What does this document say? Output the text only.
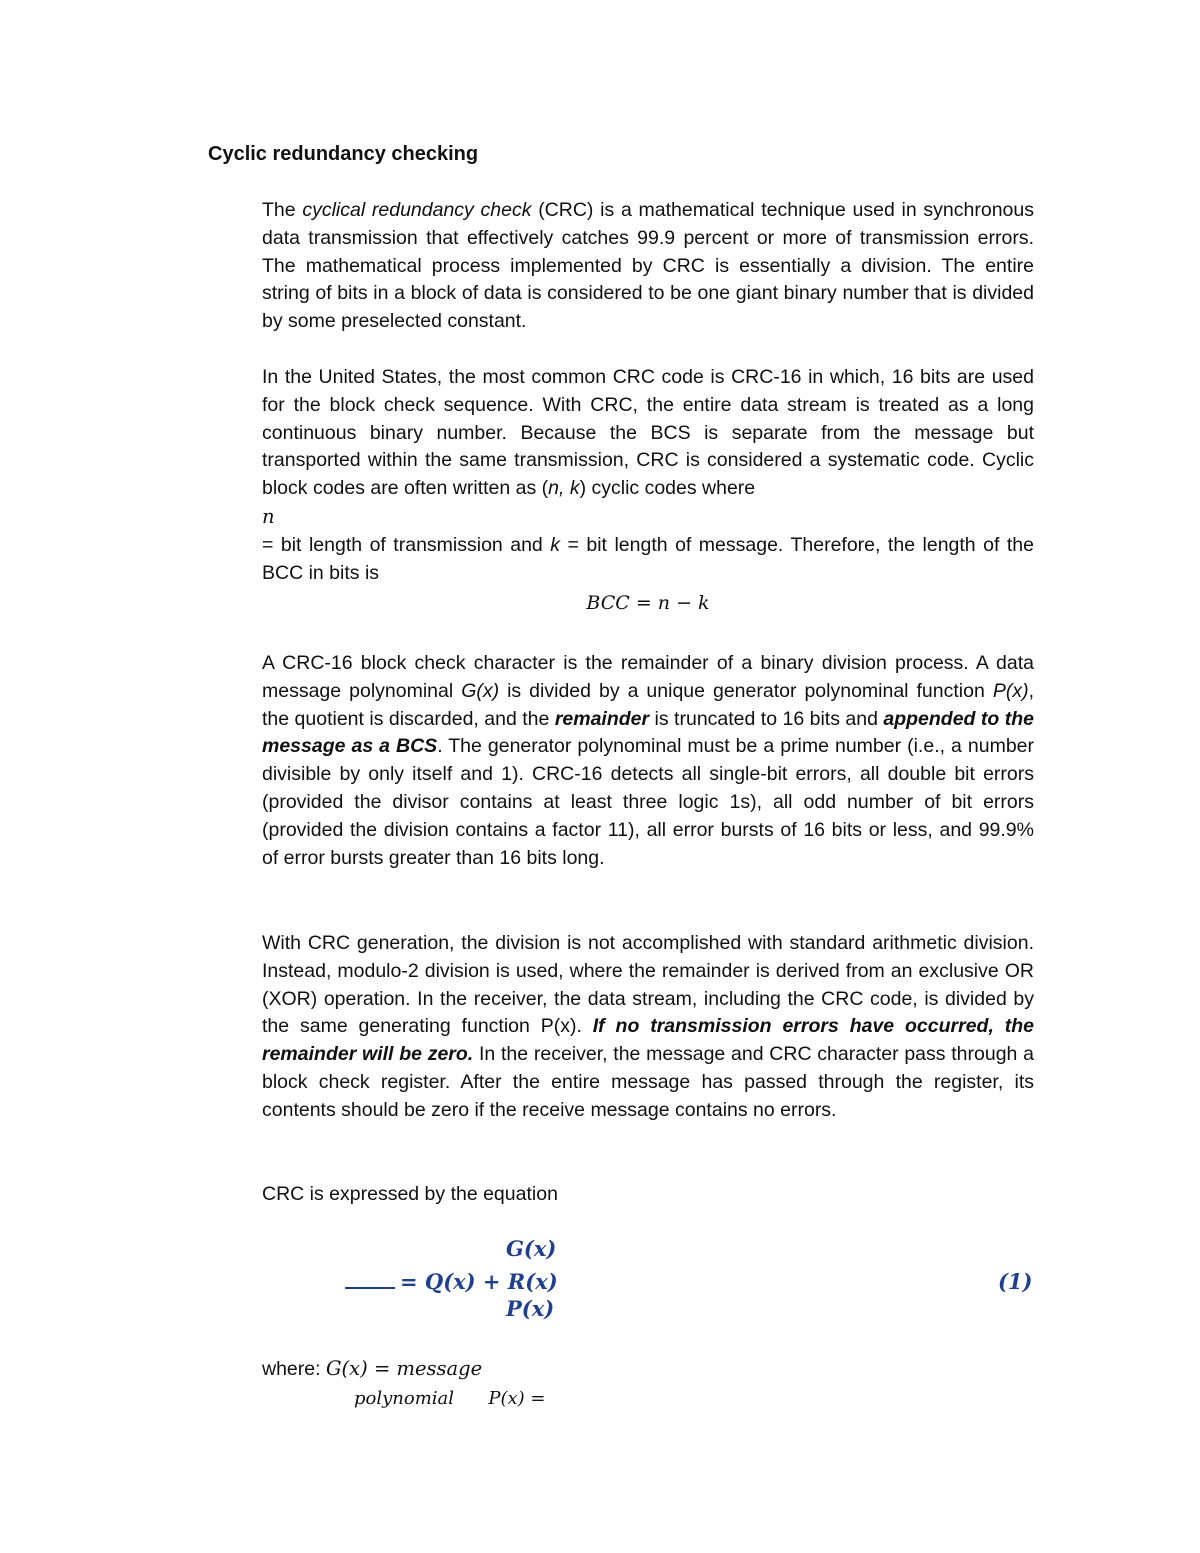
Cyclic redundancy checking

The cyclical redundancy check (CRC) is a mathematical technique used in synchronous data transmission that effectively catches 99.9 percent or more of transmission errors. The mathematical process implemented by CRC is essentially a division. The entire string of bits in a block of data is considered to be one giant binary number that is divided by some preselected constant.

In the United States, the most common CRC code is CRC-16 in which, 16 bits are used for the block check sequence. With CRC, the entire data stream is treated as a long continuous binary number. Because the BCS is separate from the message but transported within the same transmission, CRC is considered a systematic code. Cyclic block codes are often written as (n, k) cyclic codes where
n
= bit length of transmission and k = bit length of message. Therefore, the length of the BCC in bits is

BCC = n − k

A CRC-16 block check character is the remainder of a binary division process. A data message polynominal G(x) is divided by a unique generator polynominal function P(x), the quotient is discarded, and the remainder is truncated to 16 bits and appended to the message as a BCS. The generator polynominal must be a prime number (i.e., a number divisible by only itself and 1). CRC-16 detects all single-bit errors, all double bit errors (provided the divisor contains at least three logic 1s), all odd number of bit errors (provided the division contains a factor 11), all error bursts of 16 bits or less, and 99.9% of error bursts greater than 16 bits long.

With CRC generation, the division is not accomplished with standard arithmetic division. Instead, modulo-2 division is used, where the remainder is derived from an exclusive OR (XOR) operation. In the receiver, the data stream, including the CRC code, is divided by the same generating function P(x). If no transmission errors have occurred, the remainder will be zero. In the receiver, the message and CRC character pass through a block check register. After the entire message has passed through the register, its contents should be zero if the receive message contains no errors.

CRC is expressed by the equation

G(x)
= Q(x) + R(x)
P(x)
(1)
where: G(x) = message
polynomial      P(x) =
